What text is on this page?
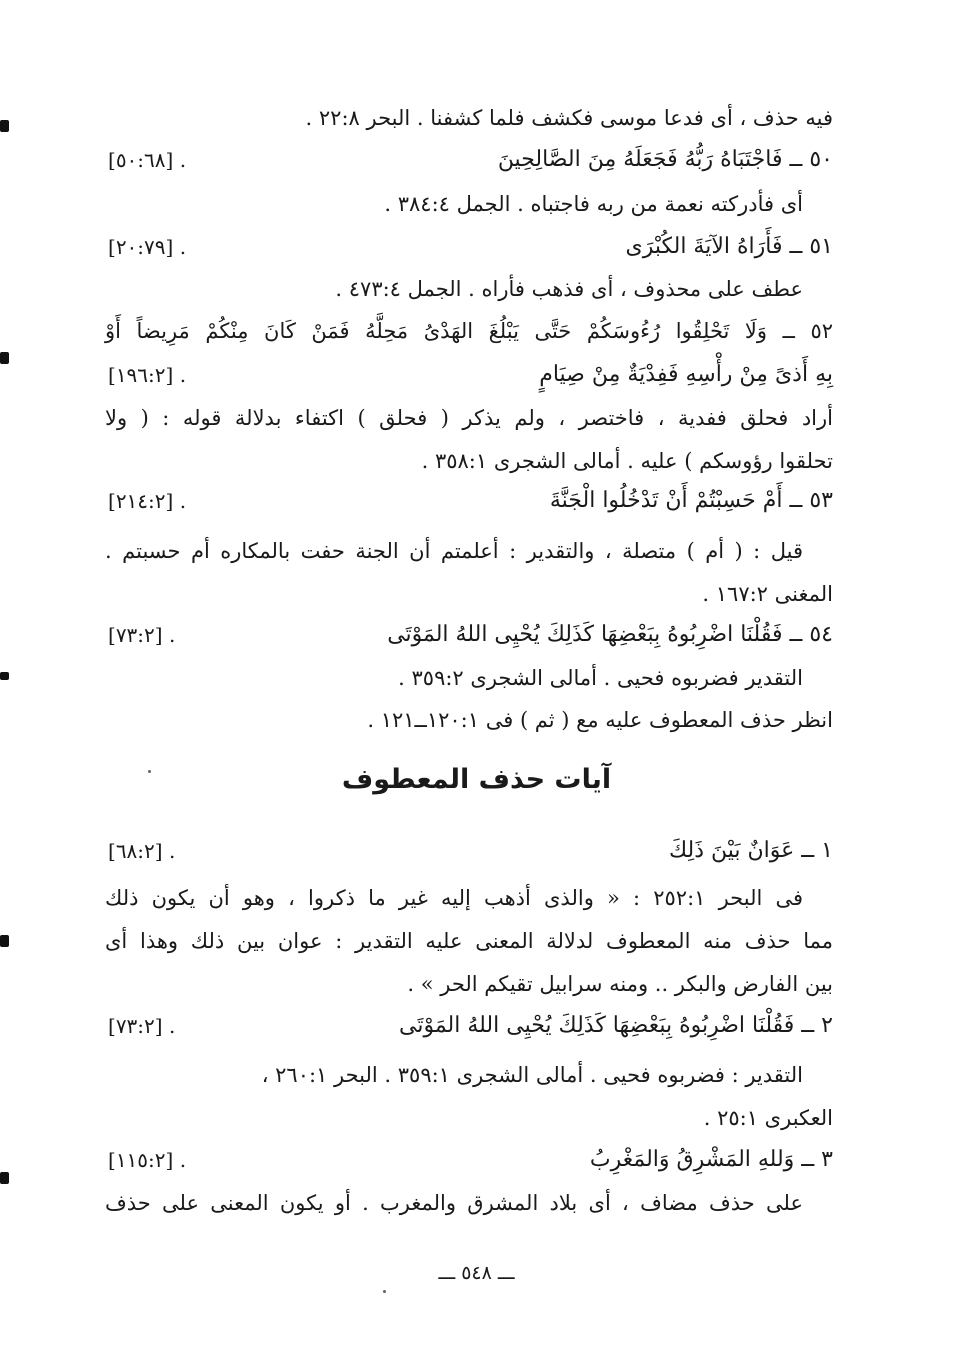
فيه حذف ، أى فدعا موسى فكشف فلما كشفنا . البحر ٢٢:٨ .
٥٠ ــ فَاجْتَبَاهُ رَبُّهُ فَجَعَلَهُ مِنَ الصَّالِحِينَ
[٥٠:٦٨] .
أى فأدركته نعمة من ربه فاجتباه . الجمل ٣٨٤:٤ .
٥١ ــ فَأَرَاهُ الآيَةَ الكُبْرَى
[٢٠:٧٩] .
عطف على محذوف ، أى فذهب فأراه . الجمل ٤٧٣:٤ .
٥٢ ــ وَلَا تَحْلِقُوا رُءُوسَكُمْ حَتَّى يَبْلُغَ الهَدْىُ مَحِلَّهُ فَمَنْ كَانَ مِنْكُمْ مَرِيضاً أَوْ
بِهِ أَذىً مِنْ رأْسِهِ فَفِدْيَةٌ مِنْ صِيَامٍ
[١٩٦:٢] .
أراد فحلق ففدية ، فاختصر ، ولم يذكر ( فحلق ) اكتفاء بدلالة قوله : ( ولا
تحلقوا رؤوسكم ) عليه . أمالى الشجرى ٣٥٨:١ .
٥٣ ــ أَمْ حَسِبْتُمْ أَنْ تَدْخُلُوا الْجَنَّةَ
[٢١٤:٢] .
قيل : ( أم ) متصلة ، والتقدير : أعلمتم أن الجنة حفت بالمكاره أم حسبتم .
المغنى ١٦٧:٢ .
٥٤ ــ فَقُلْنَا اضْرِبُوهُ بِبَعْضِهَا كَذَلِكَ يُحْيِى اللهُ المَوْتَى
[٧٣:٢] .
التقدير فضربوه فحيى . أمالى الشجرى ٣٥٩:٢ .
انظر حذف المعطوف عليه مع ( ثم ) فى ١٢٠:١ــ١٢١ .
آيات حذف المعطوف
١ ــ عَوَانٌ بَيْنَ ذَلِكَ
[٦٨:٢] .
فى البحر ٢٥٢:١ : « والذى أذهب إليه غير ما ذكروا ، وهو أن يكون ذلك
مما حذف منه المعطوف لدلالة المعنى عليه التقدير : عوان بين ذلك وهذا أى
بين الفارض والبكر .. ومنه سرابيل تقيكم الحر » .
٢ ــ فَقُلْنَا اضْرِبُوهُ بِبَعْضِهَا كَذَلِكَ يُحْيِى اللهُ المَوْتَى
[٧٣:٢] .
التقدير : فضربوه فحيى . أمالى الشجرى ٣٥٩:١ . البحر ٢٦٠:١ ،
العكبرى ٢٥:١ .
٣ ــ وَللهِ المَشْرِقُ وَالمَغْرِبُ
[١١٥:٢] .
على حذف مضاف ، أى بلاد المشرق والمغرب . أو يكون المعنى على حذف
ـــ ٥٤٨ ـــ
